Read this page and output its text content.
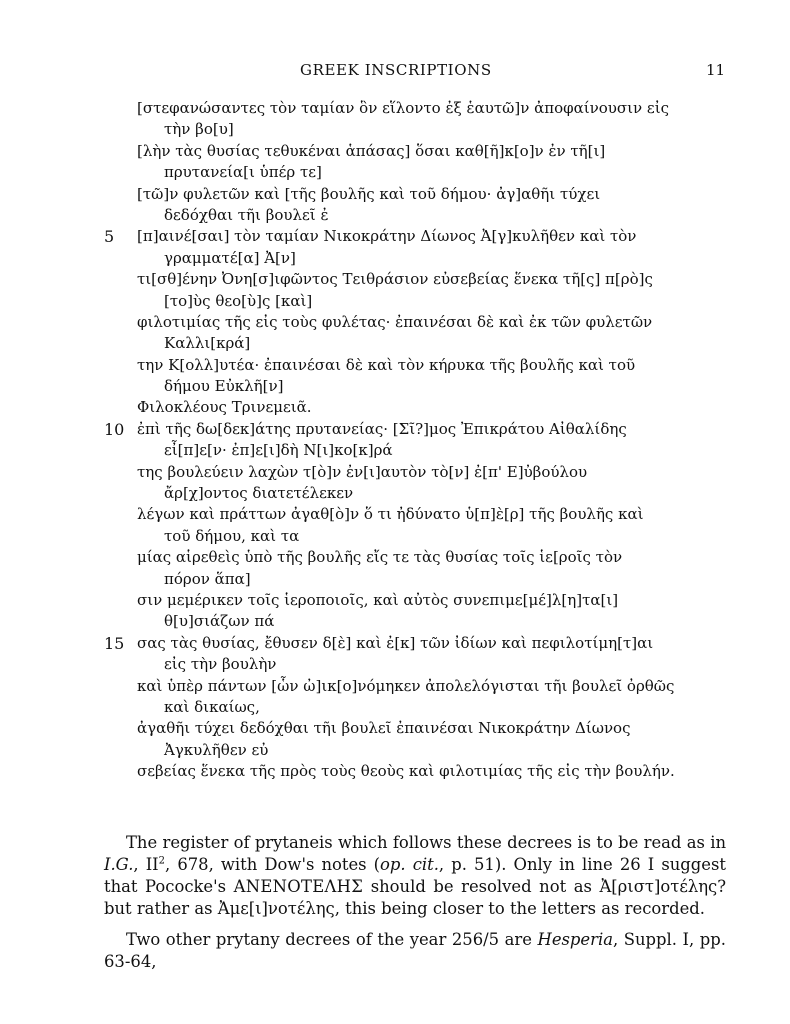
GREEK INSCRIPTIONS	11
[στεφανώσαντες τὸν ταμίαν ὃν εἵλοντο ἐξ ἑαυτῶ]ν ἀποφαίνουσιν εἰς
τὴν βο[υ]
[λὴν τὰς θυσίας τεθυκέναι ἁπάσας] ὅσαι καθ[ῆ]κ[ο]ν ἐν τῆ[ι]
πρυτανεία[ι ὑπέρ τε]
[τῶ]ν φυλετῶν καὶ [τῆς βουλῆς καὶ τοῦ δήμου· ἀγ]αθῆι τύχει
δεδόχθαι τῆι βουλεῖ ἐ
5 [π]αινέ[σαι] τὸν ταμίαν Νικοκράτην Δίωνος Ἀ[γ]κυλῆθεν καὶ τὸν
γραμματέ[α] Ἀ[ν]
τι[σθ]ένην Ὀνη[σ]ιφῶντος Τειθράσιον εὐσεβείας ἕνεκα τῆ[ς] π[ρὸ]ς
[το]ὺς θεο[ὺ]ς [καὶ]
φιλοτιμίας τῆς εἰς τοὺς φυλέτας· ἐπαινέσαι δὲ καὶ ἐκ τῶν φυλετῶν
Καλλι[κρά]
την Κ[ολλ]υτέα· ἐπαινέσαι δὲ καὶ τὸν κήρυκα τῆς βουλῆς καὶ τοῦ
δήμου Εὐκλῆ[ν]
Φιλοκλέους Τρινεμειᾶ.
10 ἐπὶ τῆς δω[δεκ]άτης πρυτανείας· [Σῖ?]μος Ἐπικράτου Αἰθαλίδης
εἶ[π]ε[ν· ἐπ]ε[ι]δὴ Ν[ι]κο[κ]ρά
της βουλεύειν λαχὼν τ[ὸ]ν ἐν[ι]αυτὸν τὸ[ν] ἐ[π' Ε]ὐβούλου
ἄρ[χ]οντος διατετέλεκεν
λέγων καὶ πράττων ἀγαθ[ὸ]ν ὅ τι ἠδύνατο ὑ[π]ὲ[ρ] τῆς βουλῆς καὶ
τοῦ δήμου, καὶ τα
μίας αἱρεθεὶς ὑπὸ τῆς βουλῆς εἴς τε τὰς θυσίας τοῖς ἱε[ροῖς τὸν
πόρον ἅπα]
σιν μεμέρικεν τοῖς ἱεροποιοῖς, καὶ αὐτὸς συνεπιμε[μέ]λ[η]τα[ι]
θ[υ]σιάζων πά
15 σας τὰς θυσίας, ἔθυσεν δ[ὲ] καὶ ἐ[κ] τῶν ἰδίων καὶ πεφιλοτίμη[τ]αι
εἰς τὴν βουλὴν
καὶ ὑπὲρ πάντων [ὧν ὠ]ικ[ο]νόμηκεν ἀπολελόγισται τῆι βουλεῖ ὀρθῶς
καὶ δικαίως,
ἀγαθῆι τύχει δεδόχθαι τῆι βουλεῖ ἐπαινέσαι Νικοκράτην Δίωνος
Ἀγκυλῆθεν εὐ
σεβείας ἕνεκα τῆς πρὸς τοὺς θεοὺς καὶ φιλοτιμίας τῆς εἰς τὴν βουλήν.

The register of prytaneis which follows these decrees is to be read as in I.G., $II^2$, 678, with Dow's notes (op. cit., p. 51). Only in line 26 I suggest that Pococke's ΑΝΕΝΟΤΕΛΗΣ should be resolved not as Ἀ[ριστ]οτέλης? but rather as Ἀμε[ι]νοτέλης, this being closer to the letters as recorded.

Two other prytany decrees of the year 256/5 are Hesperia, Suppl. I, pp. 63-64,
